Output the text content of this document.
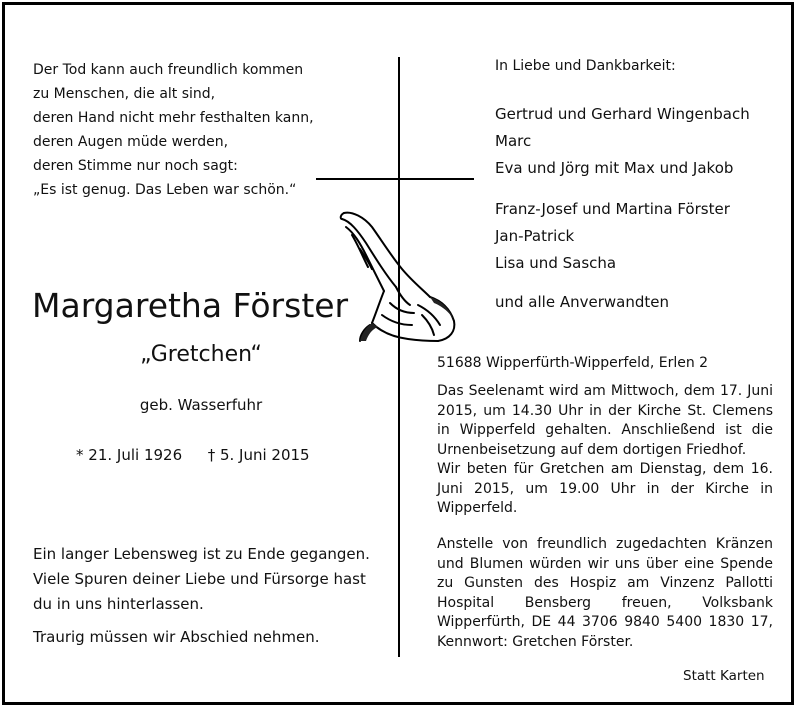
Der Tod kann auch freundlich kommen
zu Menschen, die alt sind,
deren Hand nicht mehr festhalten kann,
deren Augen müde werden,
deren Stimme nur noch sagt:
„Es ist genug. Das Leben war schön.“
Margaretha Förster
„Gretchen“
geb. Wasserfuhr
* 21. Juli 1926 † 5. Juni 2015
Ein langer Lebensweg ist zu Ende gegangen.
Viele Spuren deiner Liebe und Fürsorge hast
du in uns hinterlassen.
Traurig müssen wir Abschied nehmen.
In Liebe und Dankbarkeit:
Gertrud und Gerhard Wingenbach
Marc
Eva und Jörg mit Max und Jakob
Franz-Josef und Martina Förster
Jan-Patrick
Lisa und Sascha
und alle Anverwandten
51688 Wipperfürth-Wipperfeld, Erlen 2
Das Seelenamt wird am Mittwoch, dem 17. Juni 2015, um 14.30 Uhr in der Kirche St. Clemens in Wipperfeld gehalten. Anschließend ist die Urnenbeisetzung auf dem dortigen Friedhof.
Wir beten für Gretchen am Dienstag, dem 16. Juni 2015, um 19.00 Uhr in der Kirche in Wipperfeld.
Anstelle von freundlich zugedachten Kränzen und Blumen würden wir uns über eine Spende zu Gunsten des Hospiz am Vinzenz Pallotti Hospital Bensberg freuen, Volksbank Wipperfürth, DE 44 3706 9840 5400 1830 17, Kennwort: Gretchen Förster.
Statt Karten
